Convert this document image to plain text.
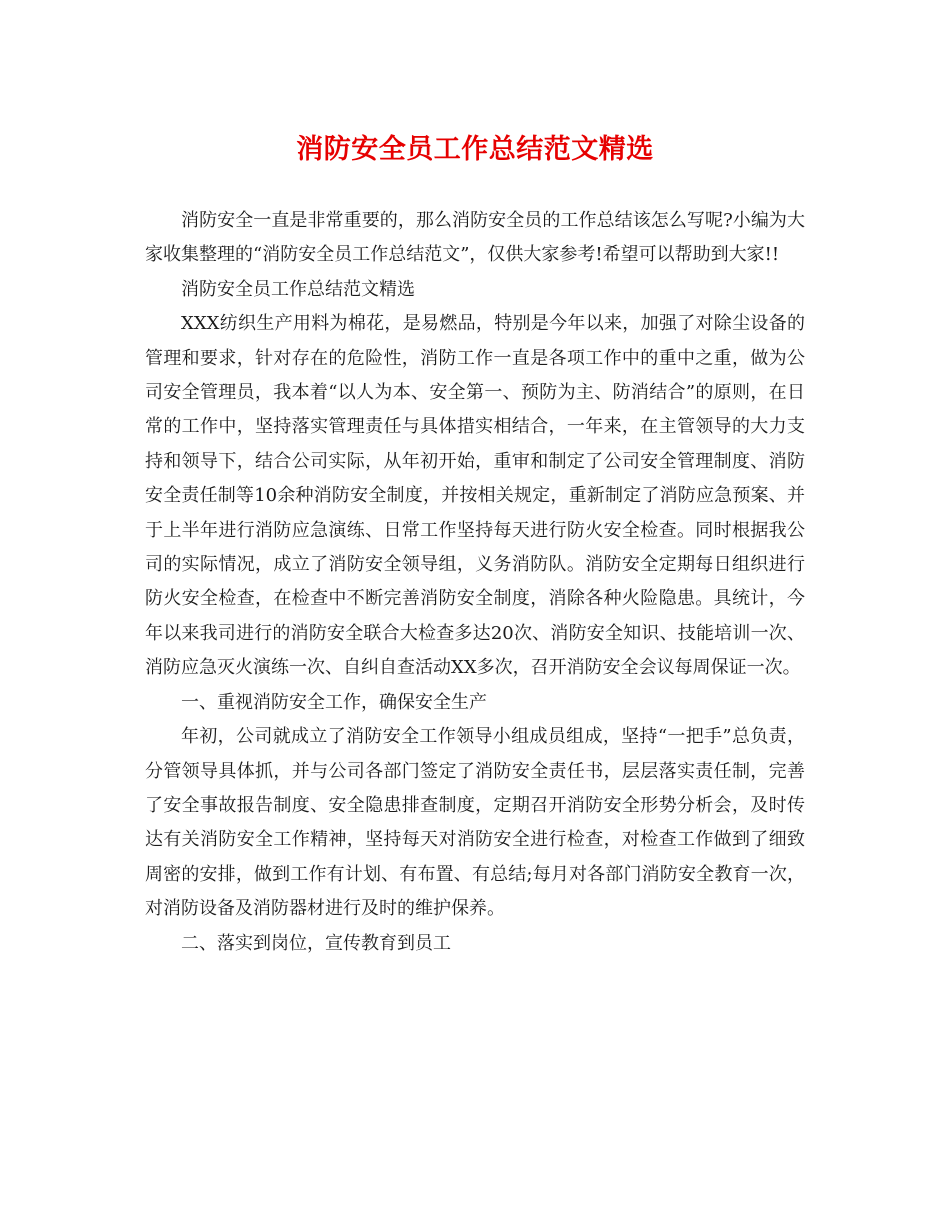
消防安全员工作总结范文精选

消防安全一直是非常重要的，那么消防安全员的工作总结该怎么写呢?小编为大家收集整理的“消防安全员工作总结范文”，仅供大家参考!希望可以帮助到大家!!

消防安全员工作总结范文精选

XXX纺织生产用料为棉花，是易燃品，特别是今年以来，加强了对除尘设备的管理和要求，针对存在的危险性，消防工作一直是各项工作中的重中之重，做为公司安全管理员，我本着“以人为本、安全第一、预防为主、防消结合”的原则，在日常的工作中，坚持落实管理责任与具体措实相结合，一年来，在主管领导的大力支持和领导下，结合公司实际，从年初开始，重审和制定了公司安全管理制度、消防安全责任制等10余种消防安全制度，并按相关规定，重新制定了消防应急预案、并于上半年进行消防应急演练、日常工作坚持每天进行防火安全检查。同时根据我公司的实际情况，成立了消防安全领导组，义务消防队。消防安全定期每日组织进行防火安全检查，在检查中不断完善消防安全制度，消除各种火险隐患。具统计，今年以来我司进行的消防安全联合大检查多达20次、消防安全知识、技能培训一次、消防应急灭火演练一次、自纠自查活动XX多次，召开消防安全会议每周保证一次。

一、重视消防安全工作，确保安全生产

年初，公司就成立了消防安全工作领导小组成员组成，坚持“一把手”总负责，分管领导具体抓，并与公司各部门签定了消防安全责任书，层层落实责任制，完善了安全事故报告制度、安全隐患排查制度，定期召开消防安全形势分析会，及时传达有关消防安全工作精神，坚持每天对消防安全进行检查，对检查工作做到了细致周密的安排，做到工作有计划、有布置、有总结;每月对各部门消防安全教育一次，对消防设备及消防器材进行及时的维护保养。

二、落实到岗位，宣传教育到员工
